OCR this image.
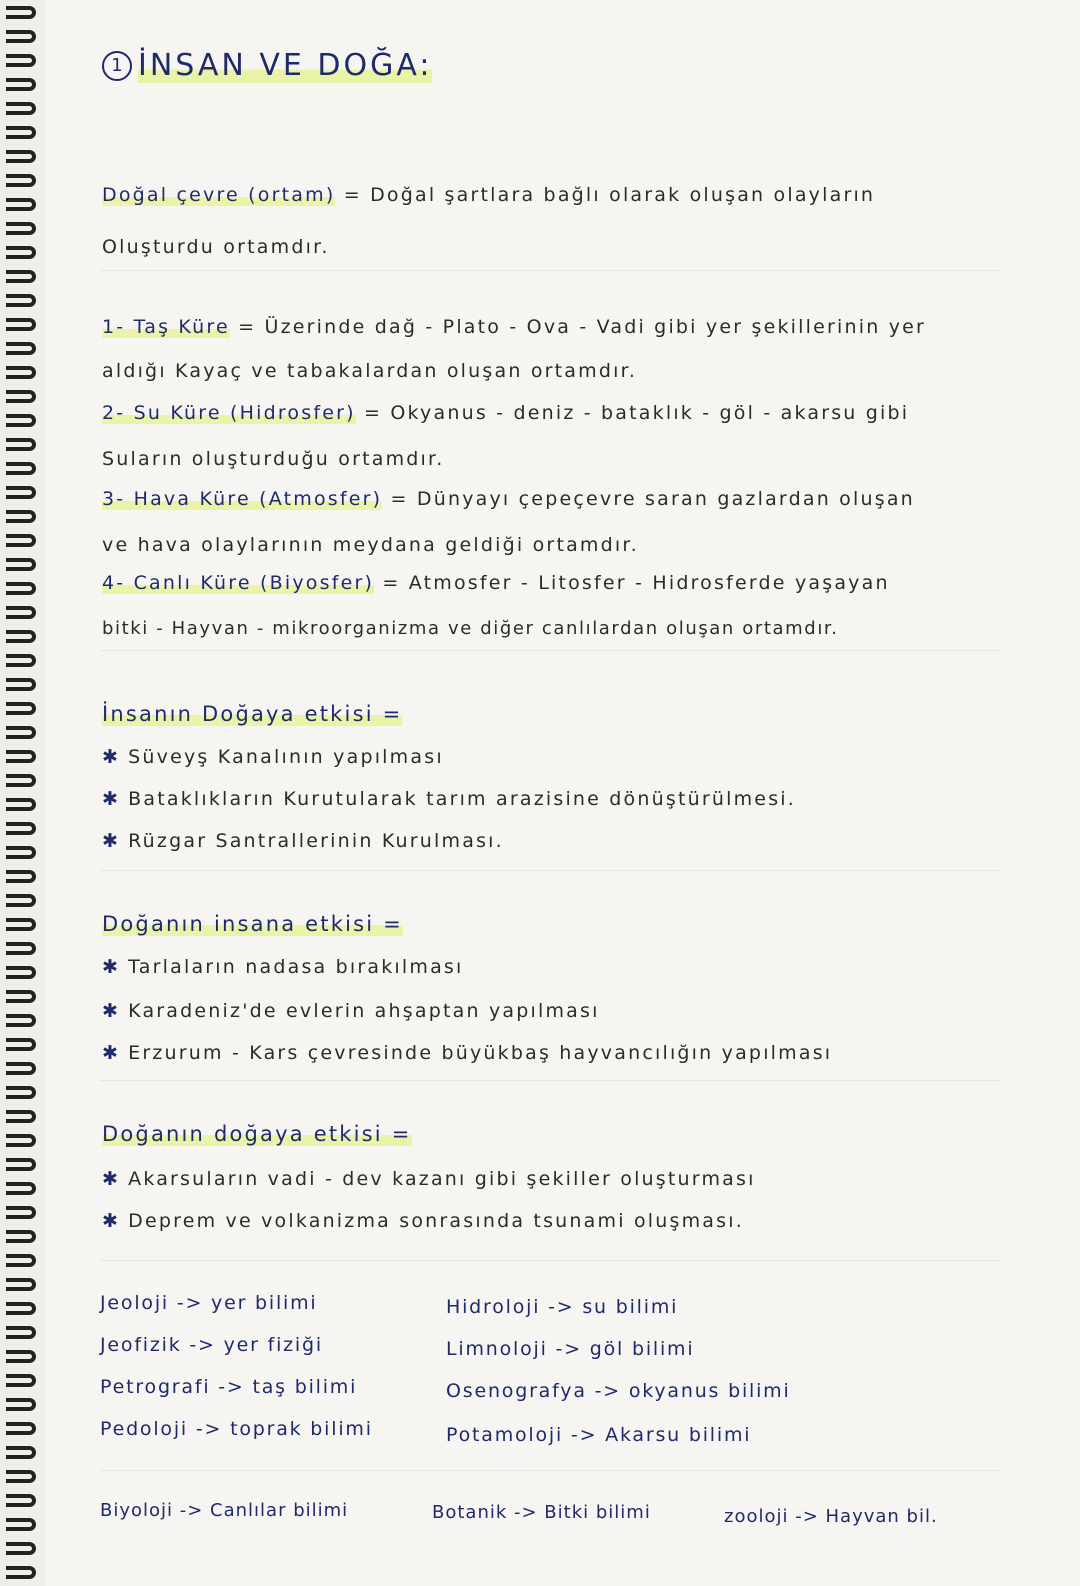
1 İNSAN VE DOĞA:
Doğal çevre (ortam) = Doğal şartlara bağlı olarak oluşan olayların
Oluşturdu ortamdır.
1- Taş Küre = Üzerinde dağ - Plato - Ova - Vadi gibi yer şekillerinin yer
aldığı Kayaç ve tabakalardan oluşan ortamdır.
2- Su Küre (Hidrosfer) = Okyanus - deniz - bataklık - göl - akarsu gibi
Suların oluşturduğu ortamdır.
3- Hava Küre (Atmosfer) = Dünyayı çepeçevre saran gazlardan oluşan
ve hava olaylarının meydana geldiği ortamdır.
4- Canlı Küre (Biyosfer) = Atmosfer - Litosfer - Hidrosferde yaşayan
bitki - Hayvan - mikroorganizma ve diğer canlılardan oluşan ortamdır.
İnsanın Doğaya etkisi =
✱ Süveyş Kanalının yapılması
✱ Bataklıkların Kurutularak tarım arazisine dönüştürülmesi.
✱ Rüzgar Santrallerinin Kurulması.
Doğanın insana etkisi =
✱ Tarlaların nadasa bırakılması
✱ Karadeniz'de evlerin ahşaptan yapılması
✱ Erzurum - Kars çevresinde büyükbaş hayvancılığın yapılması
Doğanın doğaya etkisi =
✱ Akarsuların vadi - dev kazanı gibi şekiller oluşturması
✱ Deprem ve volkanizma sonrasında tsunami oluşması.
Jeoloji -> yer bilimi
Jeofizik -> yer fiziği
Petrografi -> taş bilimi
Pedoloji -> toprak bilimi
Hidroloji -> su bilimi
Limnoloji -> göl bilimi
Osenografya -> okyanus bilimi
Potamoloji -> Akarsu bilimi
Biyoloji -> Canlılar bilimi	Botanik -> Bitki bilimi	zooloji -> Hayvan bil.
